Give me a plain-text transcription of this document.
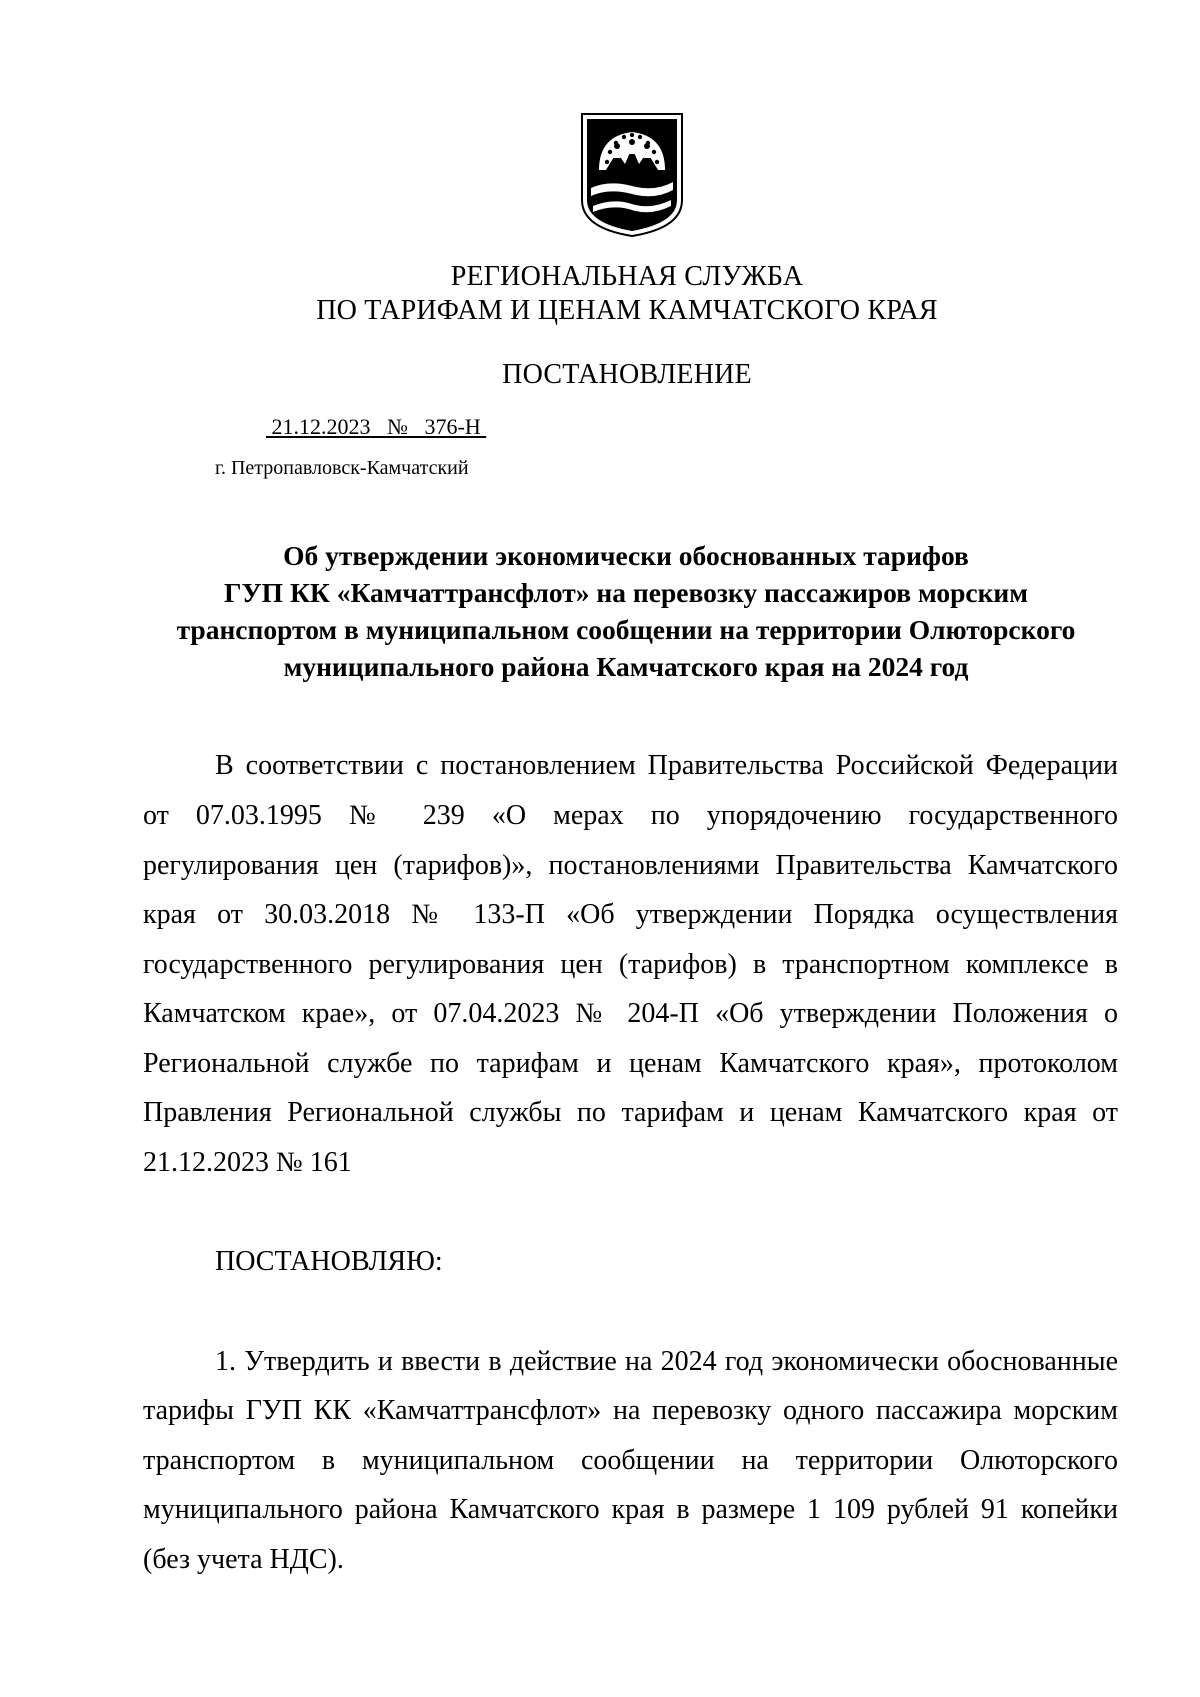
РЕГИОНАЛЬНАЯ СЛУЖБА
ПО ТАРИФАМ И ЦЕНАМ КАМЧАТСКОГО КРАЯ
ПОСТАНОВЛЕНИЕ
21.12.2023   №   376-Н
г. Петропавловск-Камчатский
Об утверждении экономически обоснованных тарифов
ГУП КК «Камчаттрансфлот» на перевозку пассажиров морским
транспортом в муниципальном сообщении на территории Олюторского
муниципального района Камчатского края на 2024 год
В соответствии с постановлением Правительства Российской Федерации
от 07.03.1995 № 239 «О мерах по упорядочению государственного
регулирования цен (тарифов)», постановлениями Правительства Камчатского
края от 30.03.2018 № 133-П «Об утверждении Порядка осуществления
государственного регулирования цен (тарифов) в транспортном комплексе в
Камчатском крае», от 07.04.2023 № 204-П «Об утверждении Положения о
Региональной службе по тарифам и ценам Камчатского края», протоколом
Правления Региональной службы по тарифам и ценам Камчатского края от
21.12.2023 № 161
ПОСТАНОВЛЯЮ:
1. Утвердить и ввести в действие на 2024 год экономически обоснованные
тарифы ГУП КК «Камчаттрансфлот» на перевозку одного пассажира морским
транспортом в муниципальном сообщении на территории Олюторского
муниципального района Камчатского края в размере 1 109 рублей 91 копейки
(без учета НДС).
